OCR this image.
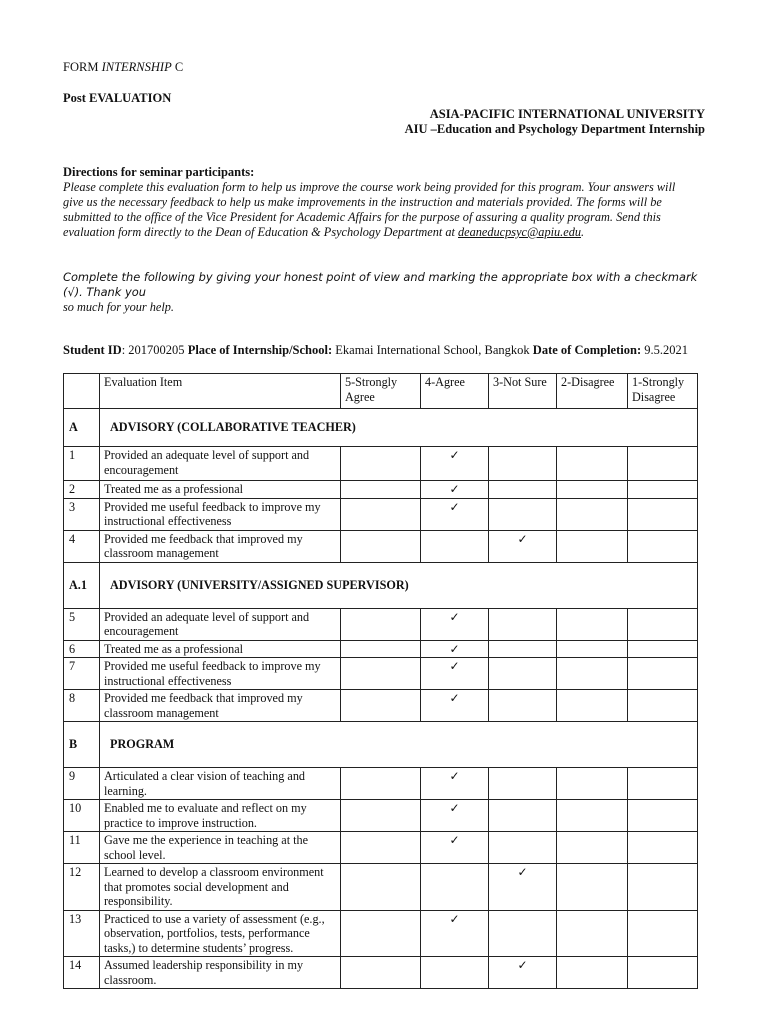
FORM INTERNSHIP C
Post EVALUATION
ASIA-PACIFIC INTERNATIONAL UNIVERSITY
AIU –Education and Psychology Department Internship
Directions for seminar participants:

Please complete this evaluation form to help us improve the course work being provided for this program. Your answers will

give us the necessary feedback to help us make improvements in the instruction and materials provided. The forms will be

submitted to the office of the Vice President for Academic Affairs for the purpose of assuring a quality program. Send this

evaluation form directly to the Dean of Education & Psychology Department at deaneducpsyc@apiu.edu.

Complete the following by giving your honest point of view and marking the appropriate box with a checkmark (√). Thank you

so much for your help.

Student ID: 201700205 Place of Internship/School: Ekamai International School, Bangkok Date of Completion: 9.5.2021
	Evaluation Item	5-Strongly Agree	4-Agree	3-Not Sure	2-Disagree	1-Strongly Disagree
A	ADVISORY (COLLABORATIVE TEACHER)					
1	Provided an adequate level of support and encouragement		✓			
2	Treated me as a professional		✓			
3	Provided me useful feedback to improve my instructional effectiveness		✓			
4	Provided me feedback that improved my classroom management			✓		
A.1	ADVISORY (UNIVERSITY/ASSIGNED SUPERVISOR)					
5	Provided an adequate level of support and encouragement		✓			
6	Treated me as a professional		✓			
7	Provided me useful feedback to improve my instructional effectiveness		✓			
8	Provided me feedback that improved my classroom management		✓			
B	PROGRAM					
9	Articulated a clear vision of teaching and learning.		✓			
10	Enabled me to evaluate and reflect on my practice to improve instruction.		✓			
11	Gave me the experience in teaching at the school level.		✓			
12	Learned to develop a classroom environment that promotes social development and responsibility.			✓		
13	Practiced to use a variety of assessment (e.g., observation, portfolios, tests, performance tasks,) to determine students’ progress.		✓			
14	Assumed leadership responsibility in my classroom.			✓		
